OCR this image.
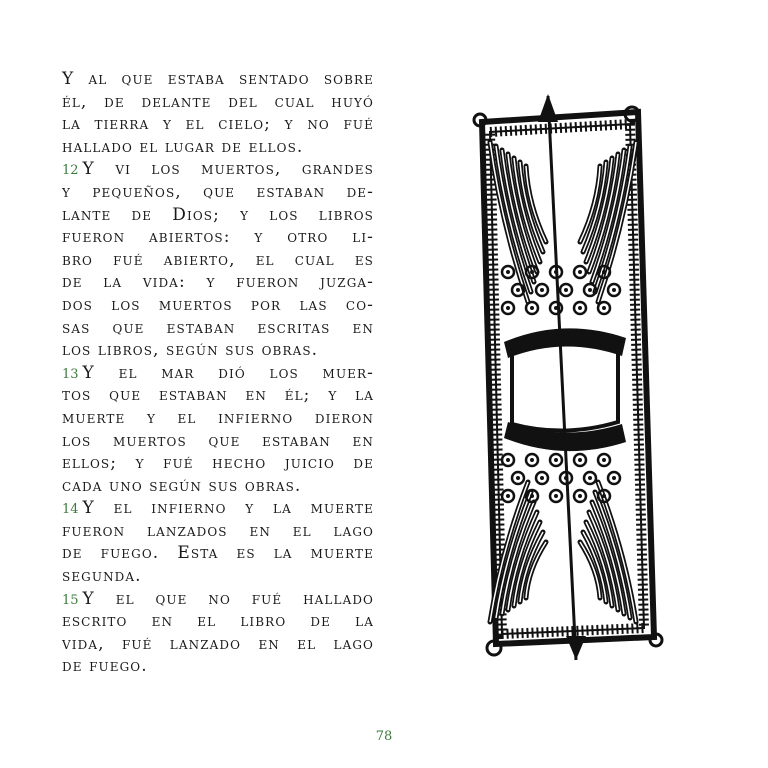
Y al que estaba sentado sobre
él, de delante del cual huyó
la tierra y el cielo; y no fué
hallado el lugar de ellos.
12 Y vi los muertos, grandes
y pequeños, que estaban de-
lante de Dios; y los libros
fueron abiertos: y otro li-
bro fué abierto, el cual es
de la vida: y fueron juzga-
dos los muertos por las co-
sas que estaban escritas en
los libros, según sus obras.
13 Y el mar dió los muer-
tos que estaban en él; y la
muerte y el infierno dieron
los muertos que estaban en
ellos; y fué hecho juicio de
cada uno según sus obras.
14 Y el infierno y la muerte
fueron lanzados en el lago
de fuego. Esta es la muerte
segunda.
15 Y el que no fué hallado
escrito en el libro de la
vida, fué lanzado en el lago
de fuego.
78
